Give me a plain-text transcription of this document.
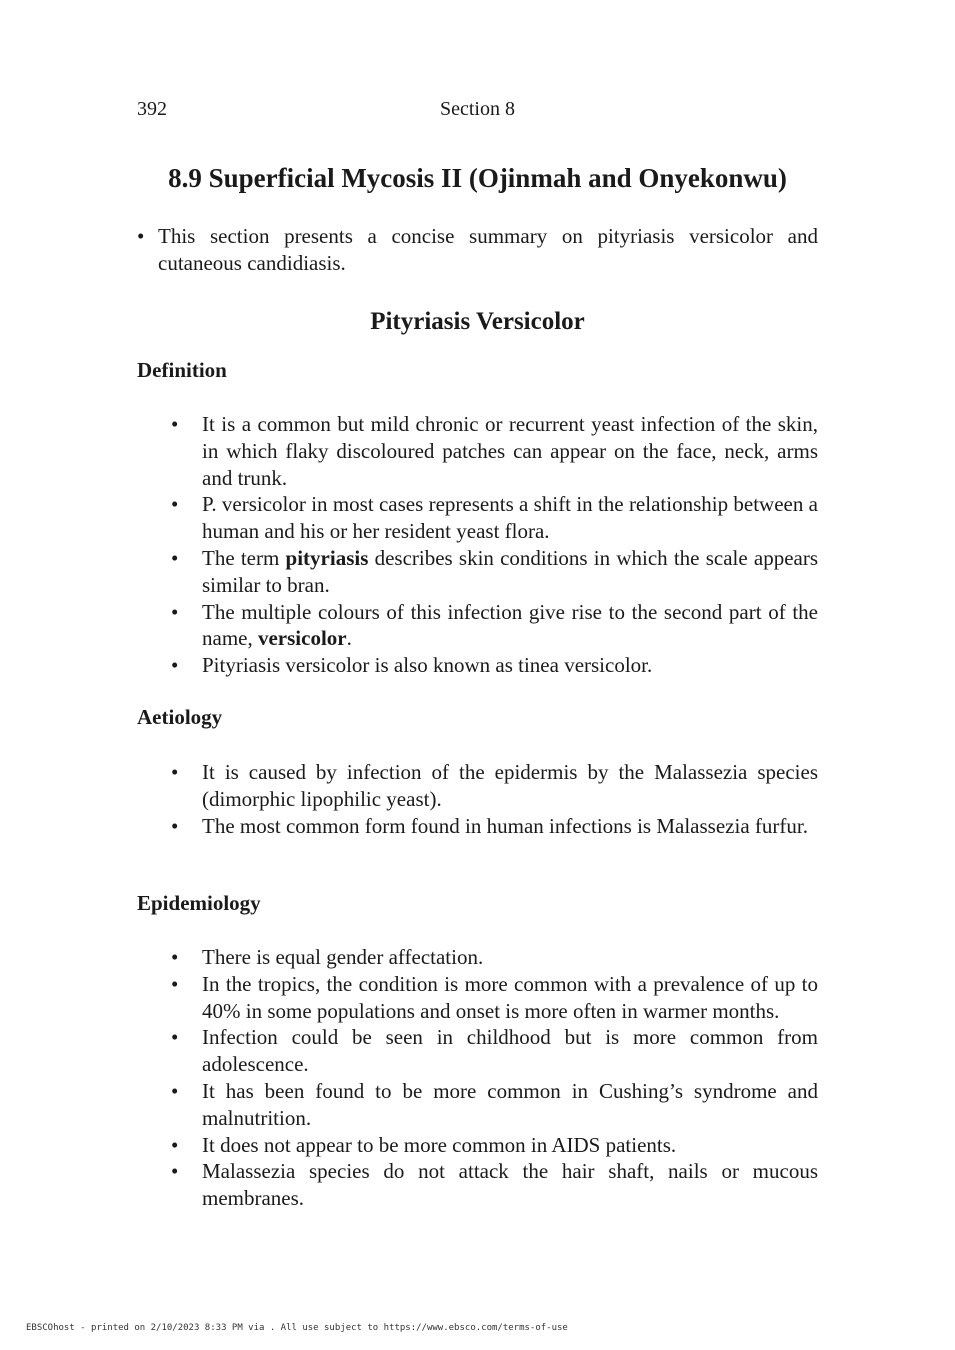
392	Section 8
8.9 Superficial Mycosis II (Ojinmah and Onyekonwu)
• This section presents a concise summary on pityriasis versicolor and cutaneous candidiasis.
Pityriasis Versicolor
Definition
• It is a common but mild chronic or recurrent yeast infection of the skin, in which flaky discoloured patches can appear on the face, neck, arms and trunk.
• P. versicolor in most cases represents a shift in the relationship between a human and his or her resident yeast flora.
• The term pityriasis describes skin conditions in which the scale appears similar to bran.
• The multiple colours of this infection give rise to the second part of the name, versicolor.
• Pityriasis versicolor is also known as tinea versicolor.
Aetiology
• It is caused by infection of the epidermis by the Malassezia species (dimorphic lipophilic yeast).
• The most common form found in human infections is Malassezia furfur.
Epidemiology
• There is equal gender affectation.
• In the tropics, the condition is more common with a prevalence of up to 40% in some populations and onset is more often in warmer months.
• Infection could be seen in childhood but is more common from adolescence.
• It has been found to be more common in Cushing’s syndrome and malnutrition.
• It does not appear to be more common in AIDS patients.
• Malassezia species do not attack the hair shaft, nails or mucous membranes.
EBSCOhost - printed on 2/10/2023 8:33 PM via . All use subject to https://www.ebsco.com/terms-of-use
